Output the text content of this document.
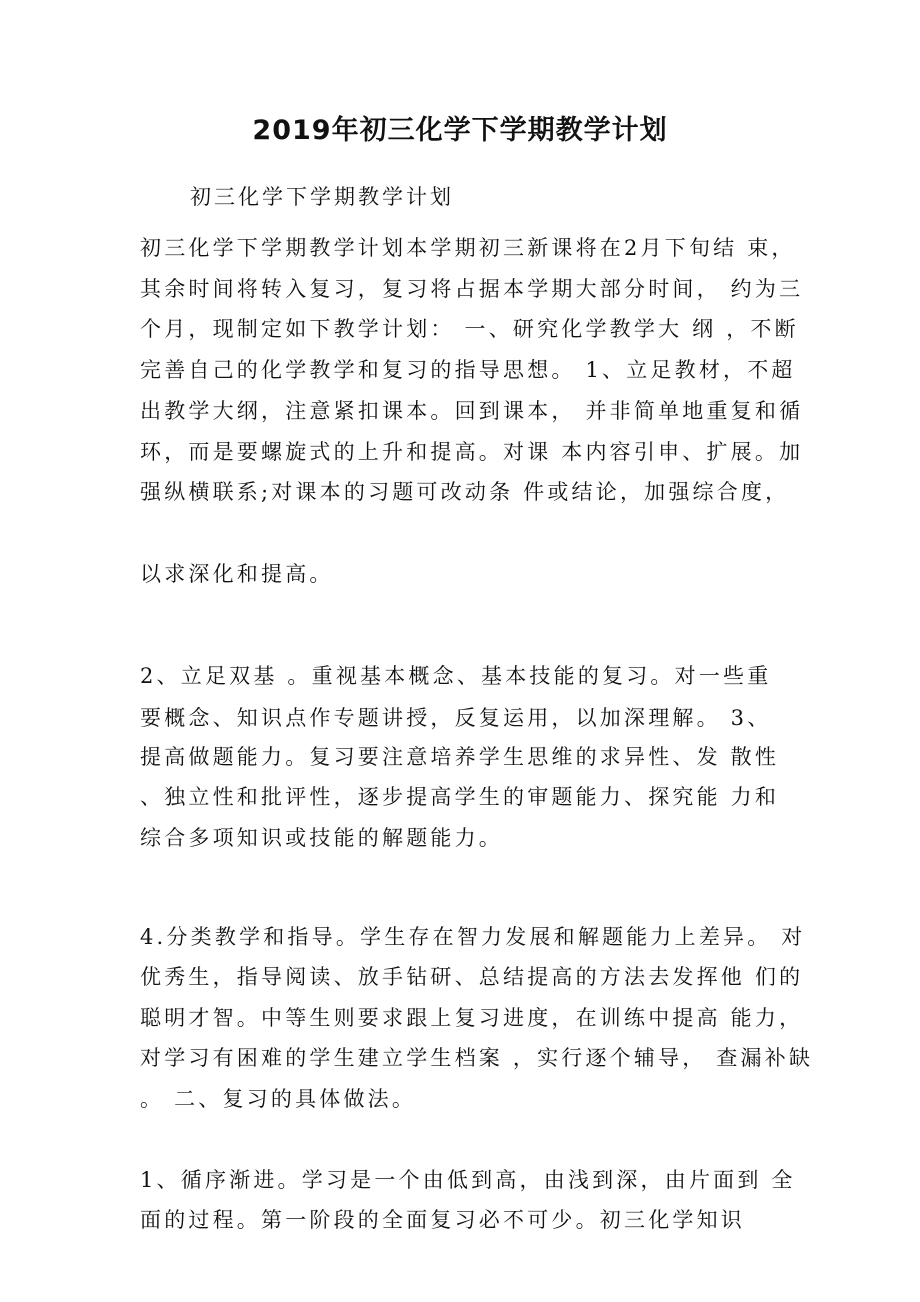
2019年初三化学下学期教学计划
初三化学下学期教学计划
初三化学下学期教学计划本学期初三新课将在2月下旬结 束，
其余时间将转入复习，复习将占据本学期大部分时间， 约为三
个月，现制定如下教学计划： 一、研究化学教学大 纲 ，不断
完善自己的化学教学和复习的指导思想。 1、立足教材，不超
出教学大纲，注意紧扣课本。回到课本， 并非简单地重复和循
环，而是要螺旋式的上升和提高。对课 本内容引申、扩展。加
强纵横联系;对课本的习题可改动条 件或结论，加强综合度，
以求深化和提高。
2、立足双基 。重视基本概念、基本技能的复习。对一些重
要概念、知识点作专题讲授，反复运用，以加深理解。 3、
提高做题能力。复习要注意培养学生思维的求异性、发 散性
、独立性和批评性，逐步提高学生的审题能力、探究能 力和
综合多项知识或技能的解题能力。
4.分类教学和指导。学生存在智力发展和解题能力上差异。 对
优秀生，指导阅读、放手钻研、总结提高的方法去发挥他 们的
聪明才智。中等生则要求跟上复习进度，在训练中提高 能力，
对学习有困难的学生建立学生档案 ，实行逐个辅导， 查漏补缺
。 二、复习的具体做法。
1、循序渐进。学习是一个由低到高，由浅到深，由片面到 全
面的过程。第一阶段的全面复习必不可少。初三化学知识
